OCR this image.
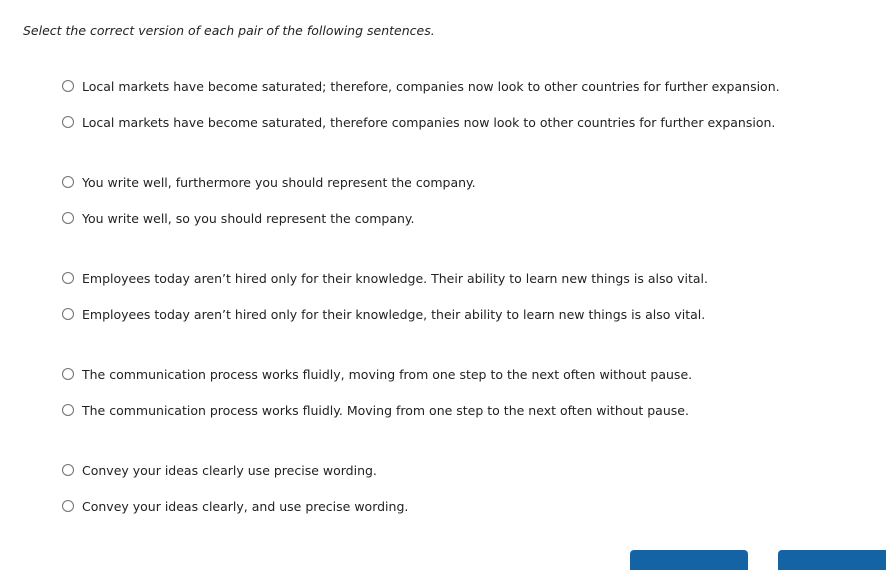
Select the correct version of each pair of the following sentences.
Local markets have become saturated; therefore, companies now look to other countries for further expansion.
Local markets have become saturated, therefore companies now look to other countries for further expansion.
You write well, furthermore you should represent the company.
You write well, so you should represent the company.
Employees today aren’t hired only for their knowledge. Their ability to learn new things is also vital.
Employees today aren’t hired only for their knowledge, their ability to learn new things is also vital.
The communication process works fluidly, moving from one step to the next often without pause.
The communication process works fluidly. Moving from one step to the next often without pause.
Convey your ideas clearly use precise wording.
Convey your ideas clearly, and use precise wording.
